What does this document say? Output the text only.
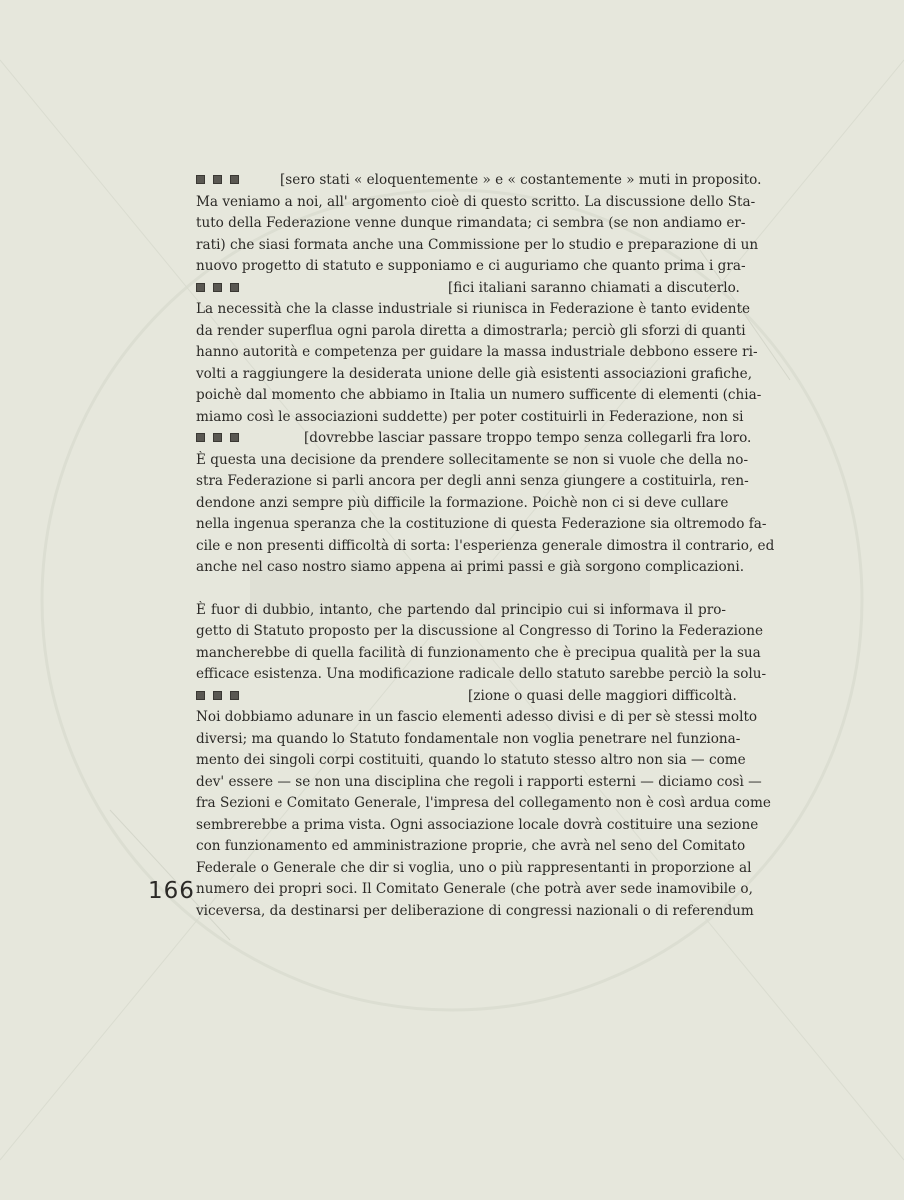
[sero stati « eloquentemente » e « costantemente » muti in proposito.
Ma veniamo a noi, all' argomento cioè di questo scritto. La discussione dello Sta-
tuto della Federazione venne dunque rimandata; ci sembra (se non andiamo er-
rati) che siasi formata anche una Commissione per lo studio e preparazione di un
nuovo progetto di statuto e supponiamo e ci auguriamo che quanto prima i gra-
[fici italiani saranno chiamati a discuterlo.
La necessità che la classe industriale si riunisca in Federazione è tanto evidente
da render superflua ogni parola diretta a dimostrarla; perciò gli sforzi di quanti
hanno autorità e competenza per guidare la massa industriale debbono essere ri-
volti a raggiungere la desiderata unione delle già esistenti associazioni grafiche,
poichè dal momento che abbiamo in Italia un numero sufficente di elementi (chia-
miamo così le associazioni suddette) per poter costituirli in Federazione, non si
[dovrebbe lasciar passare troppo tempo senza collegarli fra loro.
È questa una decisione da prendere sollecitamente se non si vuole che della no-
stra Federazione si parli ancora per degli anni senza giungere a costituirla, ren-
dendone anzi sempre più difficile la formazione. Poichè non ci si deve cullare
nella ingenua speranza che la costituzione di questa Federazione sia oltremodo fa-
cile e non presenti difficoltà di sorta: l'esperienza generale dimostra il contrario, ed
anche nel caso nostro siamo appena ai primi passi e già sorgono complicazioni.
È fuor di dubbio, intanto, che partendo dal principio cui si informava il pro-
getto di Statuto proposto per la discussione al Congresso di Torino la Federazione
mancherebbe di quella facilità di funzionamento che è precipua qualità per la sua
efficace esistenza. Una modificazione radicale dello statuto sarebbe perciò la solu-
[zione o quasi delle maggiori difficoltà.
Noi dobbiamo adunare in un fascio elementi adesso divisi e di per sè stessi molto
diversi; ma quando lo Statuto fondamentale non voglia penetrare nel funziona-
mento dei singoli corpi costituiti, quando lo statuto stesso altro non sia — come
dev' essere — se non una disciplina che regoli i rapporti esterni — diciamo così —
fra Sezioni e Comitato Generale, l'impresa del collegamento non è così ardua come
sembrerebbe a prima vista. Ogni associazione locale dovrà costituire una sezione
con funzionamento ed amministrazione proprie, che avrà nel seno del Comitato
Federale o Generale che dir si voglia, uno o più rappresentanti in proporzione al
numero dei propri soci. Il Comitato Generale (che potrà aver sede inamovibile o,
viceversa, da destinarsi per deliberazione di congressi nazionali o di referendum
166
